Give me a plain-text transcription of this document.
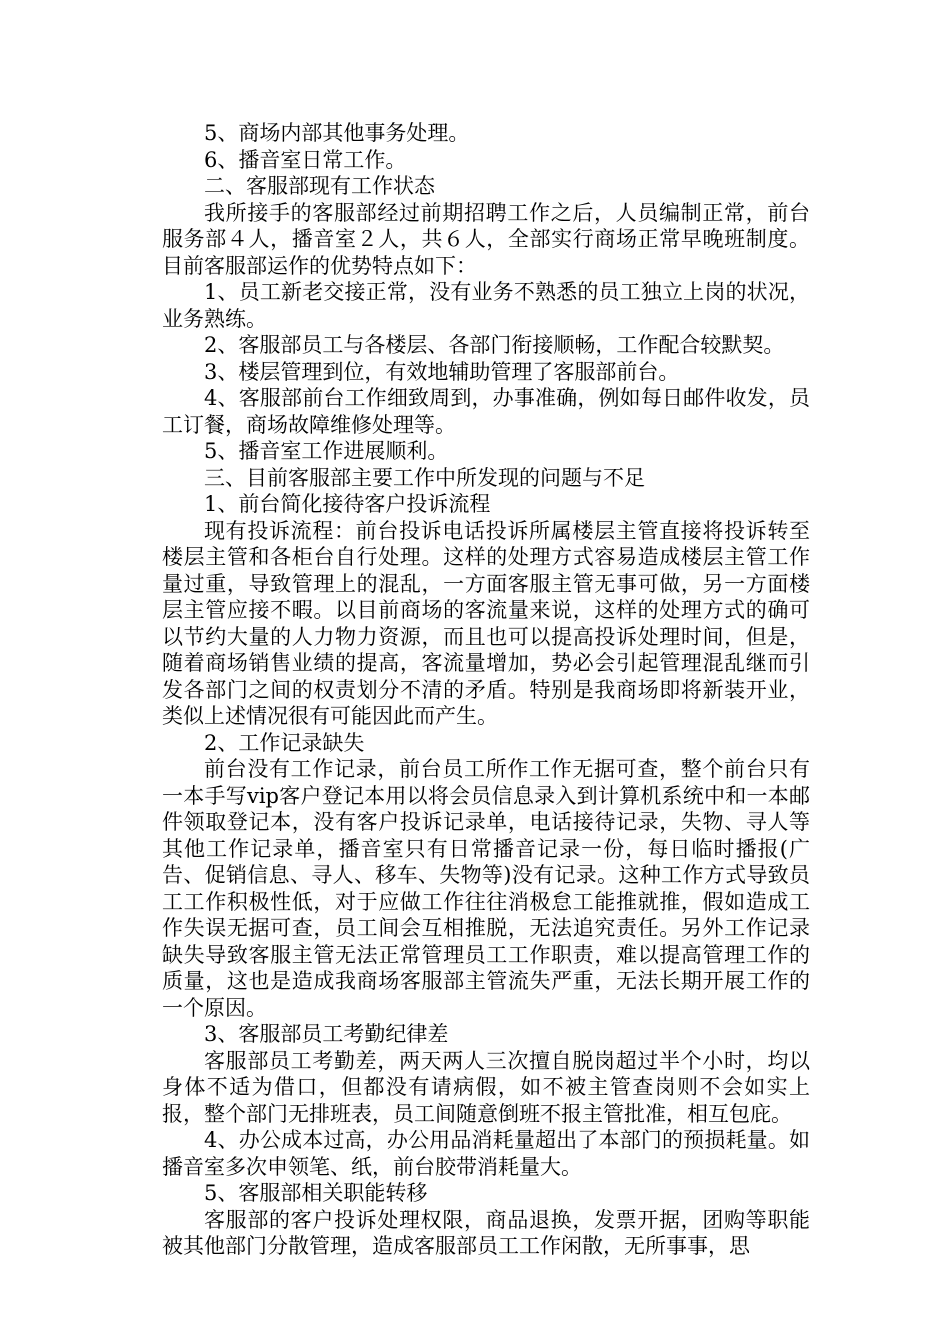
5、商场内部其他事务处理。

6、播音室日常工作。

二、客服部现有工作状态

我所接手的客服部经过前期招聘工作之后，人员编制正常，前台服务部４人，播音室２人，共６人，全部实行商场正常早晚班制度。目前客服部运作的优势特点如下：

1、员工新老交接正常，没有业务不熟悉的员工独立上岗的状况，业务熟练。

2、客服部员工与各楼层、各部门衔接顺畅，工作配合较默契。

3、楼层管理到位，有效地辅助管理了客服部前台。

4、客服部前台工作细致周到，办事准确，例如每日邮件收发，员工订餐，商场故障维修处理等。

5、播音室工作进展顺利。

三、目前客服部主要工作中所发现的问题与不足

1、前台简化接待客户投诉流程

现有投诉流程：前台投诉电话投诉所属楼层主管直接将投诉转至楼层主管和各柜台自行处理。这样的处理方式容易造成楼层主管工作量过重，导致管理上的混乱，一方面客服主管无事可做，另一方面楼层主管应接不暇。以目前商场的客流量来说，这样的处理方式的确可以节约大量的人力物力资源，而且也可以提高投诉处理时间，但是，随着商场销售业绩的提高，客流量增加，势必会引起管理混乱继而引发各部门之间的权责划分不清的矛盾。特别是我商场即将新装开业，类似上述情况很有可能因此而产生。

2、工作记录缺失

前台没有工作记录，前台员工所作工作无据可查，整个前台只有一本手写vip客户登记本用以将会员信息录入到计算机系统中和一本邮件领取登记本，没有客户投诉记录单，电话接待记录，失物、寻人等其他工作记录单，播音室只有日常播音记录一份，每日临时播报(广告、促销信息、寻人、移车、失物等)没有记录。这种工作方式导致员工工作积极性低，对于应做工作往往消极怠工能推就推，假如造成工作失误无据可查，员工间会互相推脱，无法追究责任。另外工作记录缺失导致客服主管无法正常管理员工工作职责，难以提高管理工作的质量，这也是造成我商场客服部主管流失严重，无法长期开展工作的一个原因。

3、客服部员工考勤纪律差

客服部员工考勤差，两天两人三次擅自脱岗超过半个小时，均以身体不适为借口，但都没有请病假，如不被主管查岗则不会如实上报，整个部门无排班表，员工间随意倒班不报主管批准，相互包庇。

4、办公成本过高，办公用品消耗量超出了本部门的预损耗量。如播音室多次申领笔、纸，前台胶带消耗量大。

5、客服部相关职能转移

客服部的客户投诉处理权限，商品退换，发票开据，团购等职能被其他部门分散管理，造成客服部员工工作闲散，无所事事，思
